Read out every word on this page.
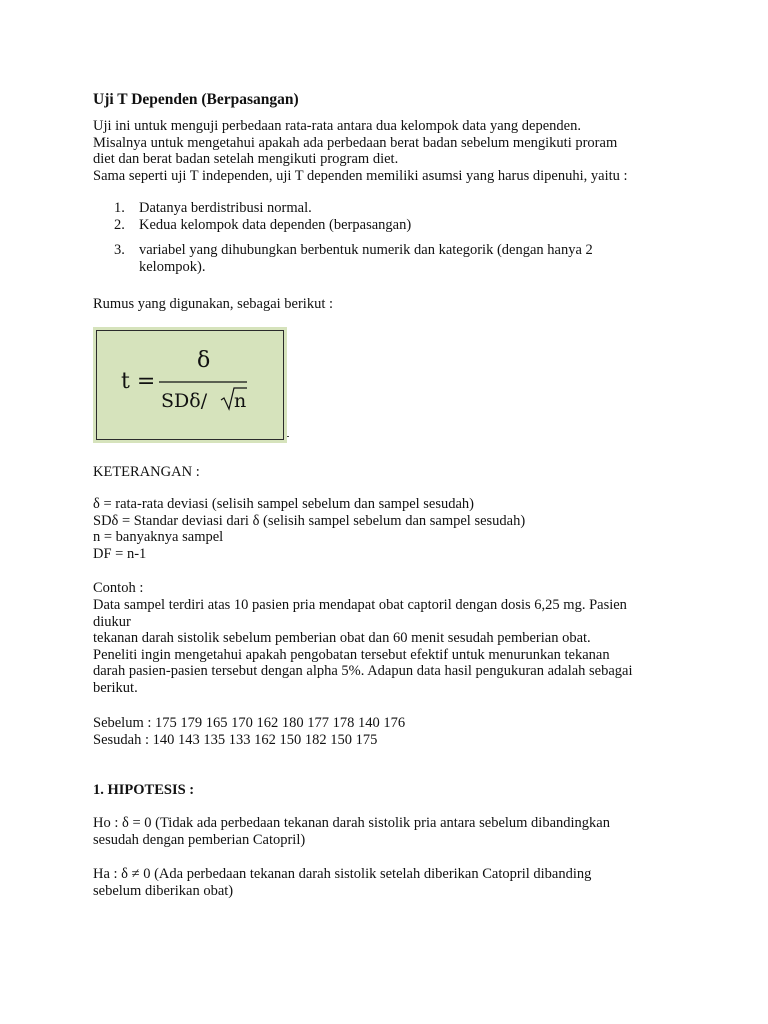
Uji T Dependen (Berpasangan)
Uji ini untuk menguji perbedaan rata-rata antara dua kelompok data yang dependen.
Misalnya untuk mengetahui apakah ada perbedaan berat badan sebelum mengikuti proram
diet dan berat badan setelah mengikuti program diet.
Sama seperti uji T independen, uji T dependen memiliki asumsi yang harus dipenuhi, yaitu :
1. Datanya berdistribusi normal.
2. Kedua kelompok data dependen (berpasangan)
3. variabel yang dihubungkan berbentuk numerik dan kategorik (dengan hanya 2
kelompok).
Rumus yang digunakan, sebagai berikut :
t =
δ
SDδ/ n
KETERANGAN :
δ = rata-rata deviasi (selisih sampel sebelum dan sampel sesudah)
SDδ = Standar deviasi dari δ (selisih sampel sebelum dan sampel sesudah)
n = banyaknya sampel
DF = n-1
Contoh :
Data sampel terdiri atas 10 pasien pria mendapat obat captoril dengan dosis 6,25 mg. Pasien
diukur
tekanan darah sistolik sebelum pemberian obat dan 60 menit sesudah pemberian obat.
Peneliti ingin mengetahui apakah pengobatan tersebut efektif untuk menurunkan tekanan
darah pasien-pasien tersebut dengan alpha 5%. Adapun data hasil pengukuran adalah sebagai
berikut.
Sebelum : 175 179 165 170 162 180 177 178 140 176
Sesudah : 140 143 135 133 162 150 182 150 175
1. HIPOTESIS :
Ho : δ = 0 (Tidak ada perbedaan tekanan darah sistolik pria antara sebelum dibandingkan
sesudah dengan pemberian Catopril)
Ha : δ ≠ 0 (Ada perbedaan tekanan darah sistolik setelah diberikan Catopril dibanding
sebelum diberikan obat)
